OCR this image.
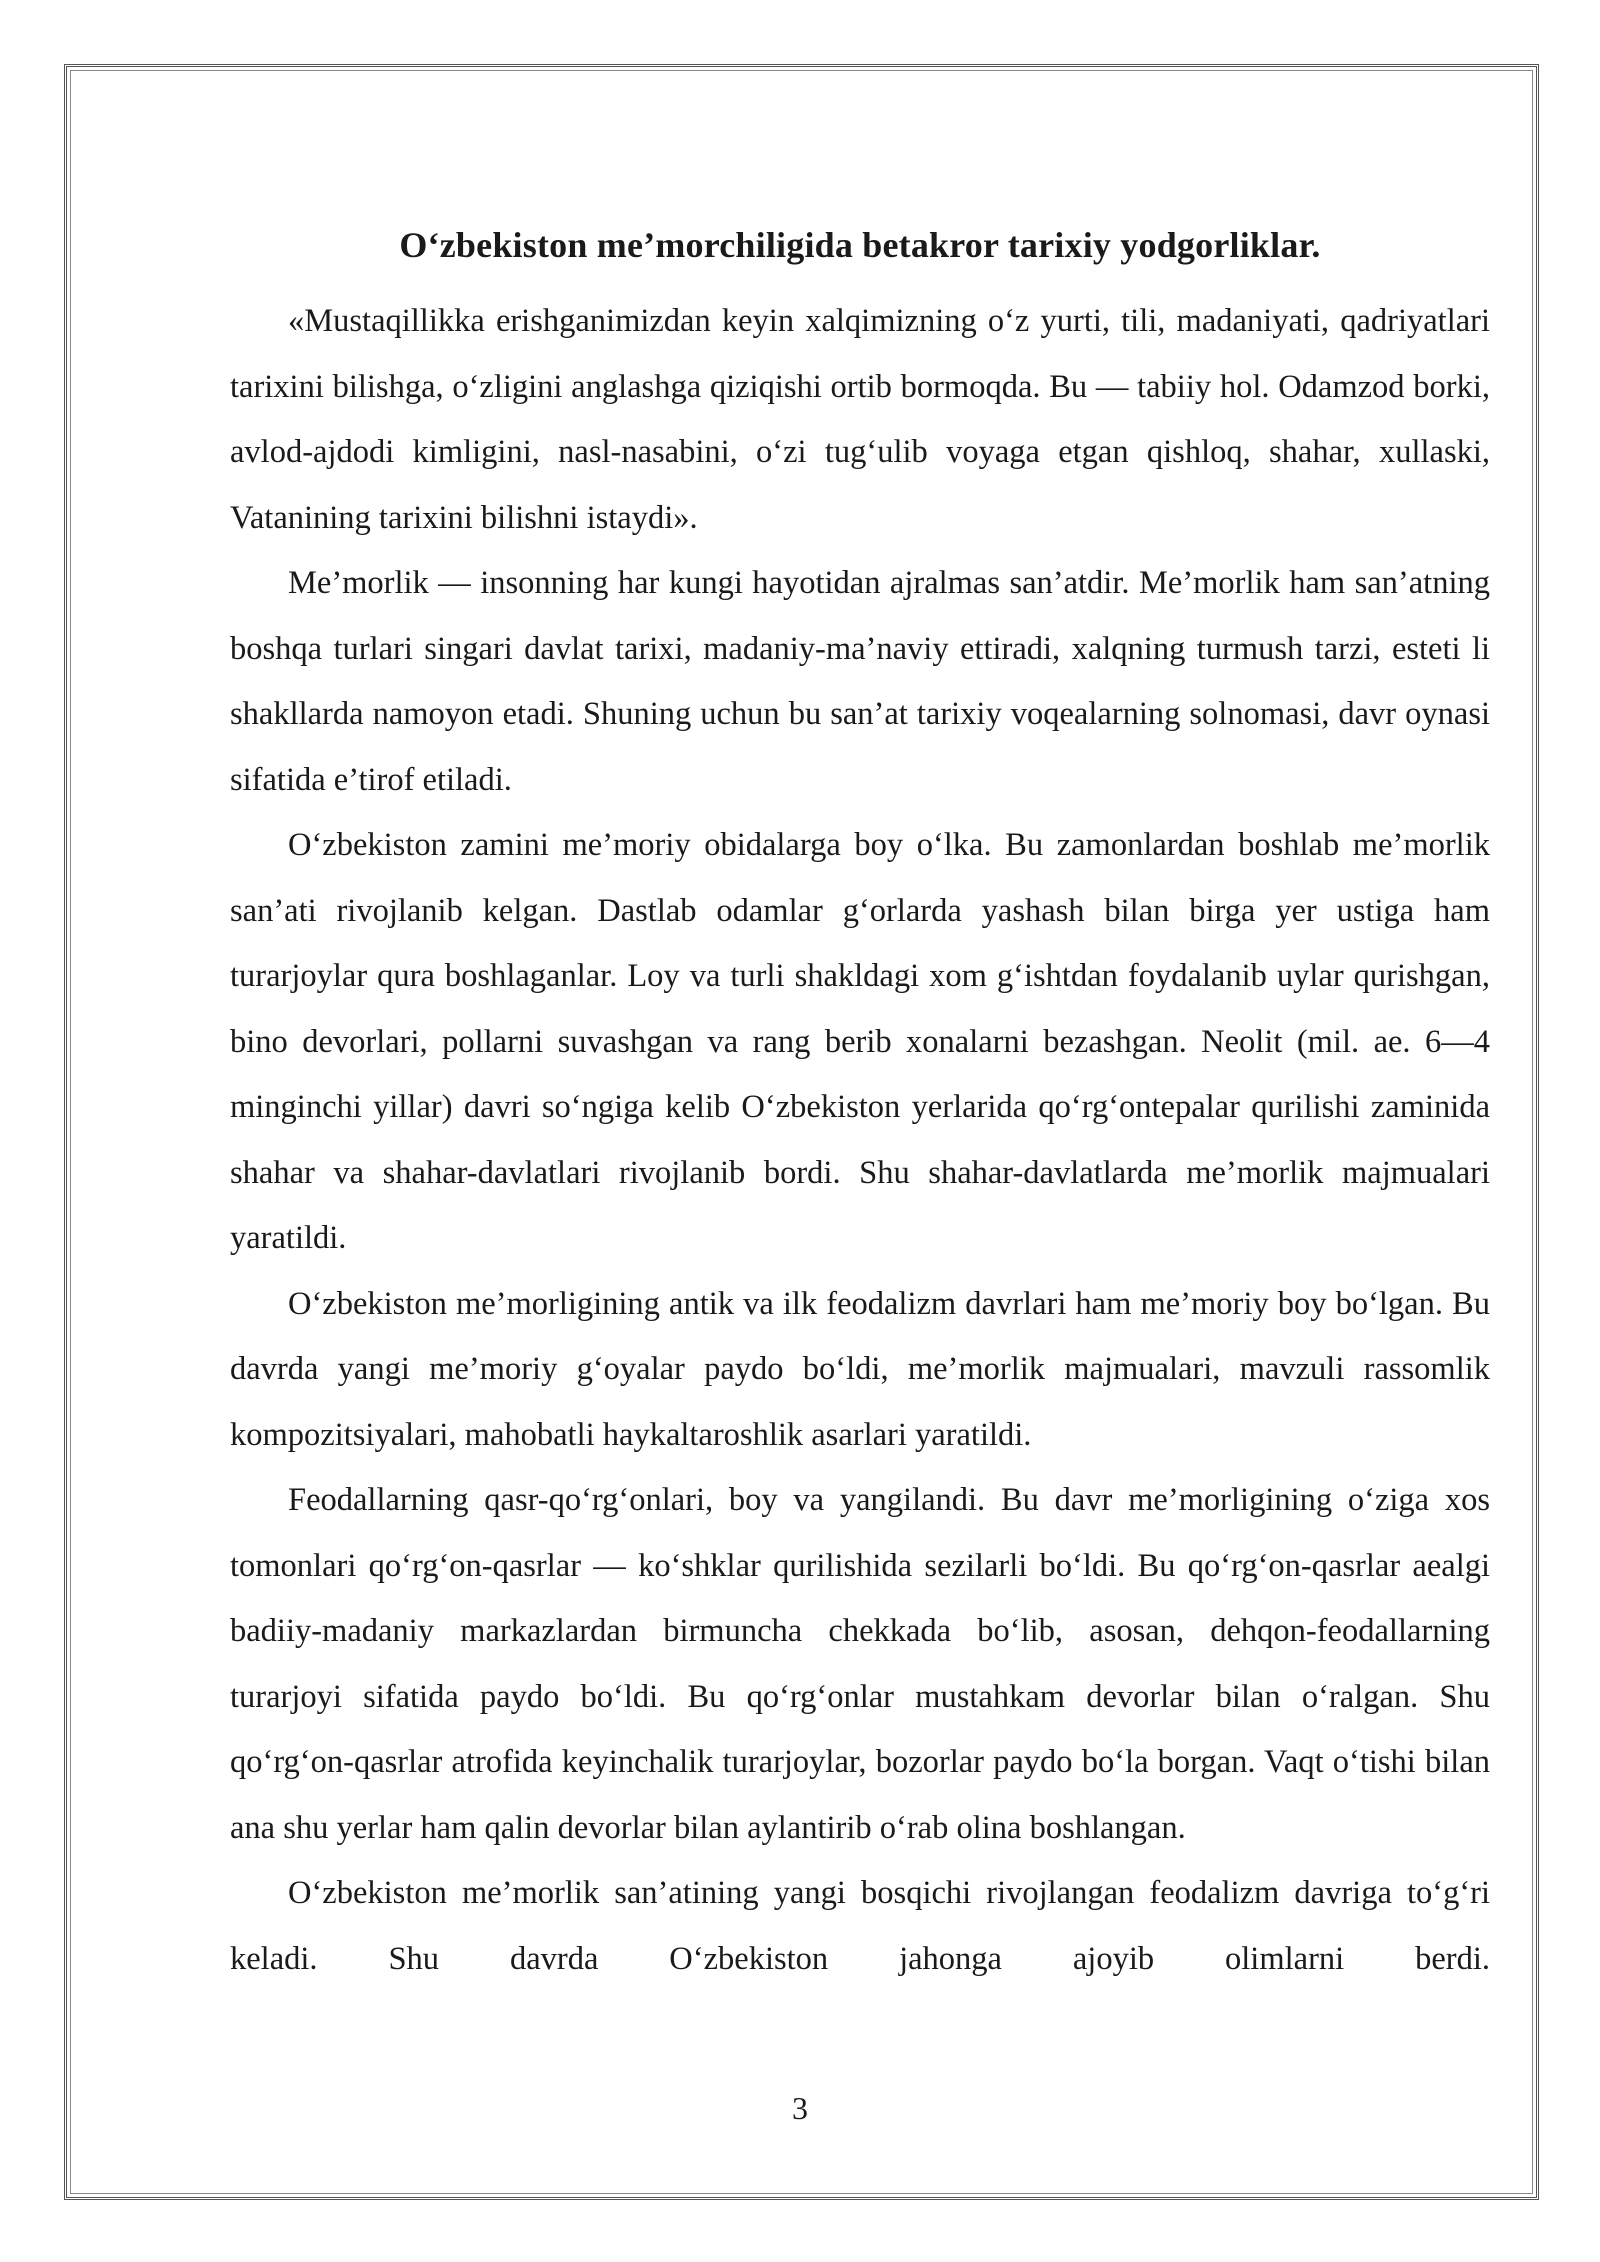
O‘zbekiston me’morchiligida betakror tarixiy yodgorliklar.

«Mustaqillikka erishganimizdan keyin xalqimizning o‘z yurti, tili, madaniyati, qadriyatlari tarixini bilishga, o‘zligini anglashga qiziqishi ortib bormoqda. Bu — tabiiy hol. Odamzod borki, avlod-ajdodi kimligini, nasl-nasabini, o‘zi tug‘ulib voyaga etgan qishloq, shahar, xullaski, Vatanining tarixini bilishni istaydi».

Me’morlik — insonning har kungi hayotidan ajralmas san’atdir. Me’morlik ham san’atning boshqa turlari singari davlat tarixi, madaniy-ma’naviy ettiradi, xalqning turmush tarzi, esteti li shakllarda namoyon etadi. Shuning uchun bu san’at tarixiy voqealarning solnomasi, davr oynasi sifatida e’tirof etiladi.

O‘zbekiston zamini me’moriy obidalarga boy o‘lka. Bu zamonlardan boshlab me’morlik san’ati rivojlanib kelgan. Dastlab odamlar g‘orlarda yashash bilan birga yer ustiga ham turarjoylar qura boshlaganlar. Loy va turli shakldagi xom g‘ishtdan foydalanib uylar qurishgan, bino devorlari, pollarni suvashgan va rang berib xonalarni bezashgan. Neolit (mil. ae. 6—4 minginchi yillar) davri so‘ngiga kelib O‘zbekiston yerlarida qo‘rg‘ontepalar qurilishi zaminida shahar va shahar-davlatlari rivojlanib bordi. Shu shahar-davlatlarda me’morlik majmualari yaratildi.

O‘zbekiston me’morligining antik va ilk feodalizm davrlari ham me’moriy boy bo‘lgan. Bu davrda yangi me’moriy g‘oyalar paydo bo‘ldi, me’morlik majmualari, mavzuli rassomlik kompozitsiyalari, mahobatli haykaltaroshlik asarlari yaratildi.

Feodallarning qasr-qo‘rg‘onlari, boy va yangilandi. Bu davr me’morligining o‘ziga xos tomonlari qo‘rg‘on-qasrlar — ko‘shklar qurilishida sezilarli bo‘ldi. Bu qo‘rg‘on-qasrlar aealgi badiiy-madaniy markazlardan birmuncha chekkada bo‘lib, asosan, dehqon-feodallarning turarjoyi sifatida paydo bo‘ldi. Bu qo‘rg‘onlar mustahkam devorlar bilan o‘ralgan. Shu qo‘rg‘on-qasrlar atrofida keyinchalik turarjoylar, bozorlar paydo bo‘la borgan. Vaqt o‘tishi bilan ana shu yerlar ham qalin devorlar bilan aylantirib o‘rab olina boshlangan.

O‘zbekiston me’morlik san’atining yangi bosqichi rivojlangan feodalizm davriga to‘g‘ri keladi. Shu davrda O‘zbekiston jahonga ajoyib olimlarni berdi.

3
